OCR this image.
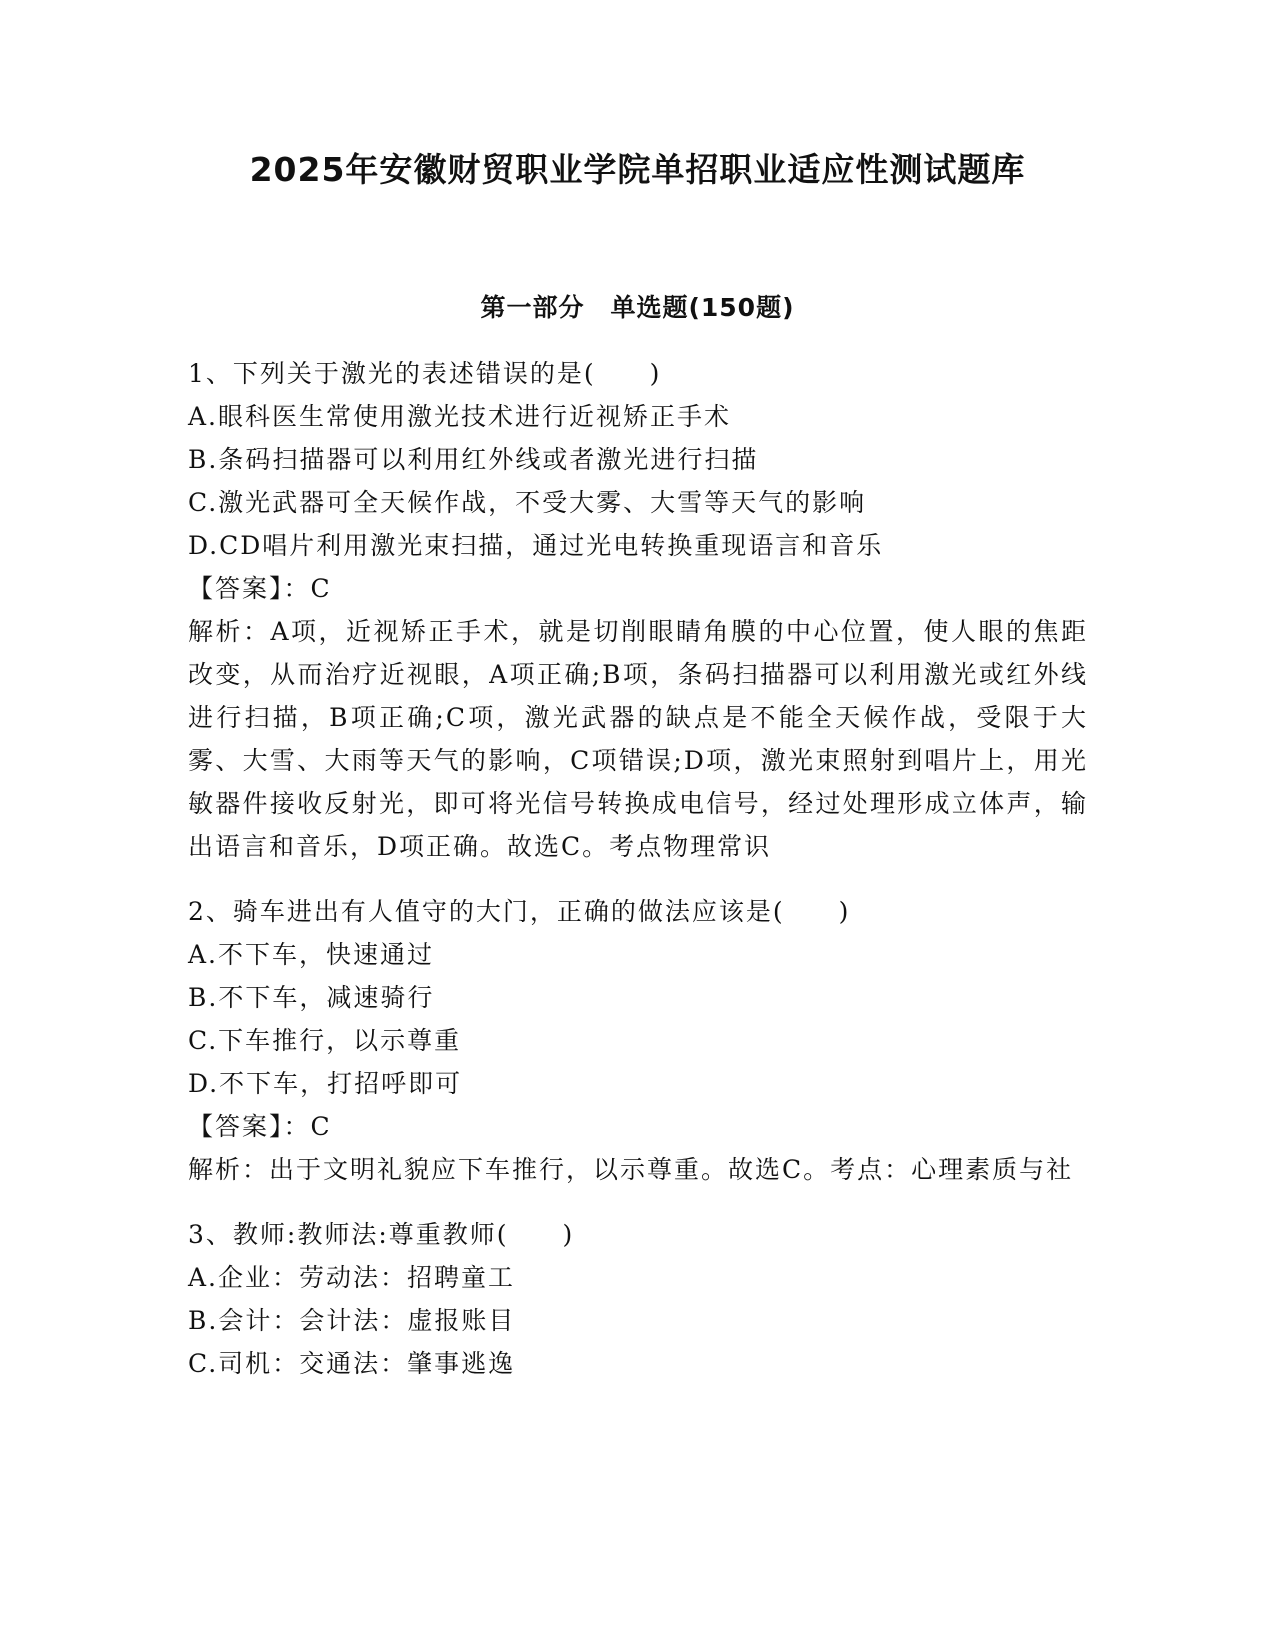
2025年安徽财贸职业学院单招职业适应性测试题库
第一部分　单选题(150题)
1、下列关于激光的表述错误的是(　　)
A.眼科医生常使用激光技术进行近视矫正手术
B.条码扫描器可以利用红外线或者激光进行扫描
C.激光武器可全天候作战，不受大雾、大雪等天气的影响
D.CD唱片利用激光束扫描，通过光电转换重现语言和音乐
【答案】：C
解析：A项，近视矫正手术，就是切削眼睛角膜的中心位置，使人眼的焦距改变，从而治疗近视眼，A项正确;B项，条码扫描器可以利用激光或红外线进行扫描，B项正确;C项，激光武器的缺点是不能全天候作战，受限于大雾、大雪、大雨等天气的影响，C项错误;D项，激光束照射到唱片上，用光敏器件接收反射光，即可将光信号转换成电信号，经过处理形成立体声，输出语言和音乐，D项正确。故选C。考点物理常识
2、骑车进出有人值守的大门，正确的做法应该是(　　)
A.不下车，快速通过
B.不下车，减速骑行
C.下车推行，以示尊重
D.不下车，打招呼即可
【答案】：C
解析：出于文明礼貌应下车推行，以示尊重。故选C。考点：心理素质与社
3、教师:教师法:尊重教师(　　)
A.企业：劳动法：招聘童工
B.会计：会计法：虚报账目
C.司机：交通法：肇事逃逸
